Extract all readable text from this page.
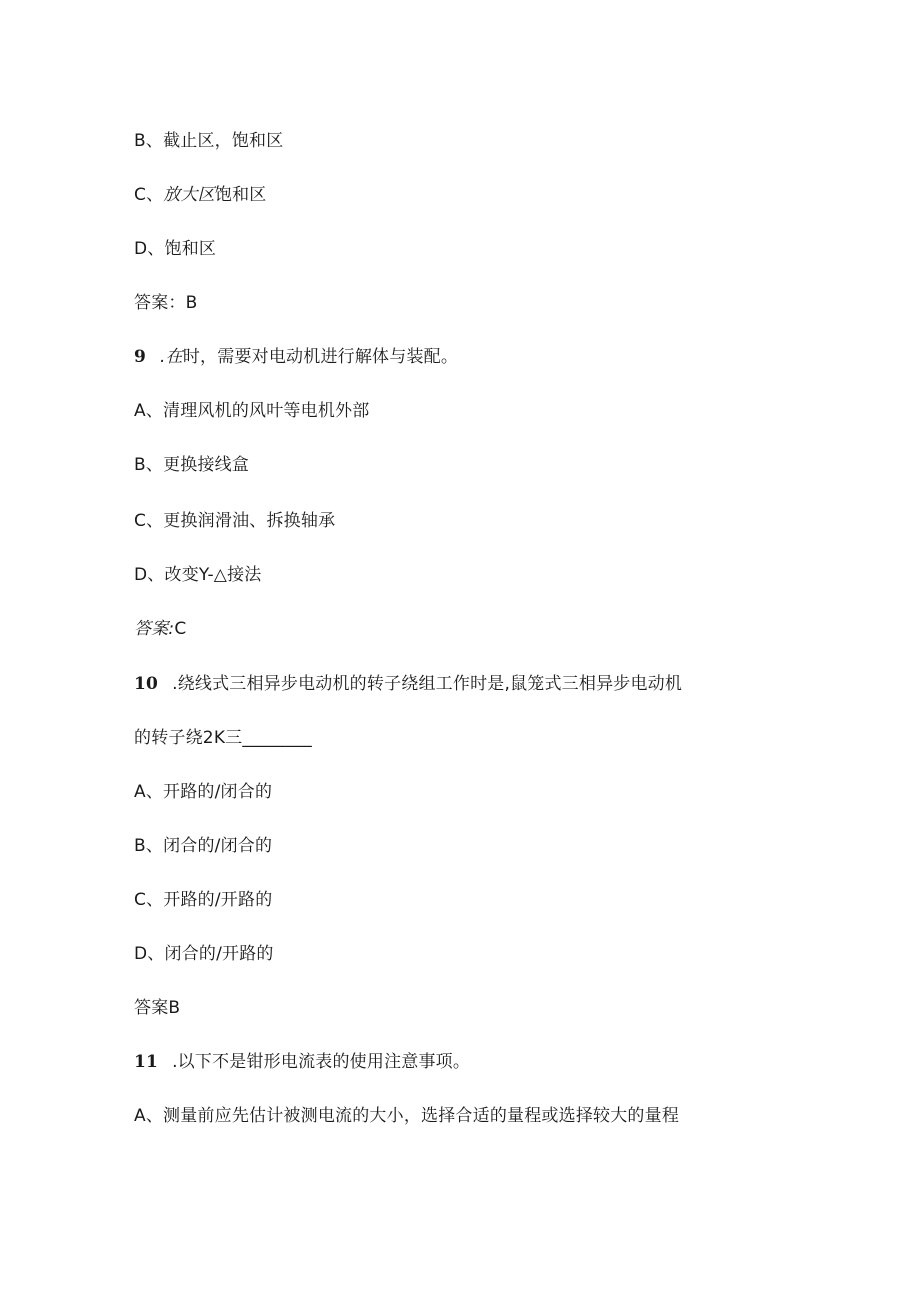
B、截止区，饱和区
C、放大区饱和区
D、饱和区
答案：B
9 .在时，需要对电动机进行解体与装配。
A、清理风机的风叶等电机外部
B、更换接线盒
C、更换润滑油、拆换轴承
D、改变Y-△接法
答案:C
10 .绕线式三相异步电动机的转子绕组工作时是,鼠笼式三相异步电动机
的转子绕2K三________
A、开路的/闭合的
B、闭合的/闭合的
C、开路的/开路的
D、闭合的/开路的
答案B
11 .以下不是钳形电流表的使用注意事项。
A、测量前应先估计被测电流的大小，选择合适的量程或选择较大的量程
